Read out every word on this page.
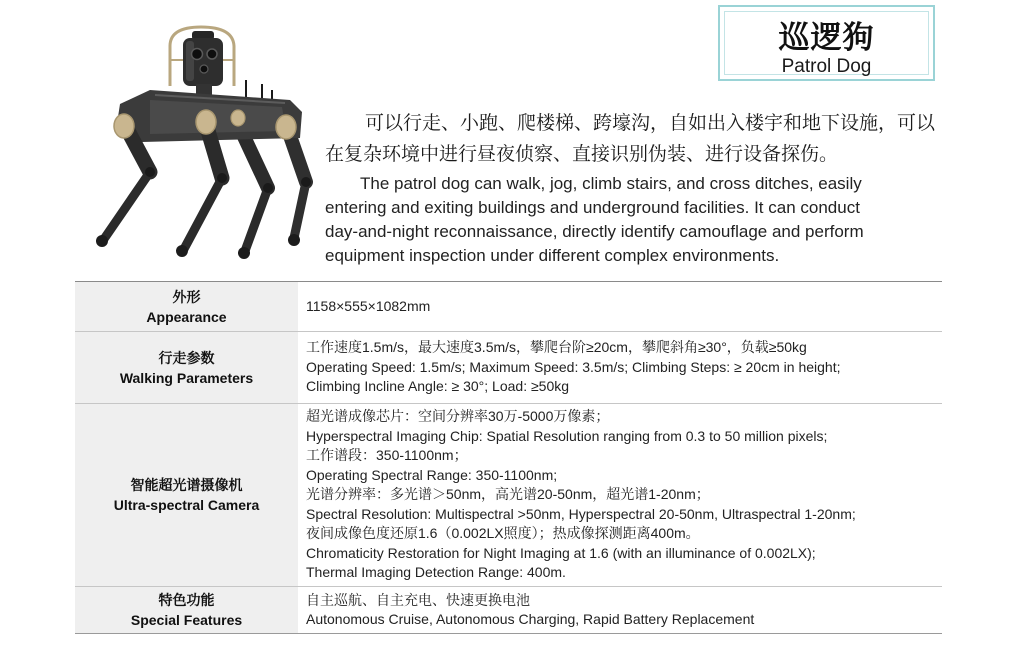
巡逻狗
Patrol Dog
可以行走、小跑、爬楼梯、跨壕沟，自如出入楼宇和地下设施，可以
在复杂环境中进行昼夜侦察、直接识别伪装、进行设备探伤。
The patrol dog can walk, jog, climb stairs, and cross ditches, easily
entering and exiting buildings and underground facilities. It can conduct
day-and-night reconnaissance, directly identify camouflage and perform
equipment inspection under different complex environments.
外形
Appearance
1158×555×1082mm
行走参数
Walking Parameters
工作速度1.5m/s，最大速度3.5m/s，攀爬台阶≥20cm，攀爬斜角≥30°，负载≥50kg
Operating Speed: 1.5m/s; Maximum Speed: 3.5m/s; Climbing Steps: ≥ 20cm in height;
Climbing Incline Angle: ≥ 30°; Load: ≥50kg
智能超光谱摄像机
Ultra-spectral Camera
超光谱成像芯片：空间分辨率30万-5000万像素；
Hyperspectral Imaging Chip: Spatial Resolution ranging from 0.3 to 50 million pixels;
工作谱段：350-1100nm；
Operating Spectral Range: 350-1100nm;
光谱分辨率：多光谱＞50nm，高光谱20-50nm，超光谱1-20nm；
Spectral Resolution: Multispectral >50nm, Hyperspectral 20-50nm, Ultraspectral 1-20nm;
夜间成像色度还原1.6（0.002LX照度）；热成像探测距离400m。
Chromaticity Restoration for Night Imaging at 1.6 (with an illuminance of 0.002LX);
Thermal Imaging Detection Range: 400m.
特色功能
Special Features
自主巡航、自主充电、快速更换电池
Autonomous Cruise, Autonomous Charging, Rapid Battery Replacement
